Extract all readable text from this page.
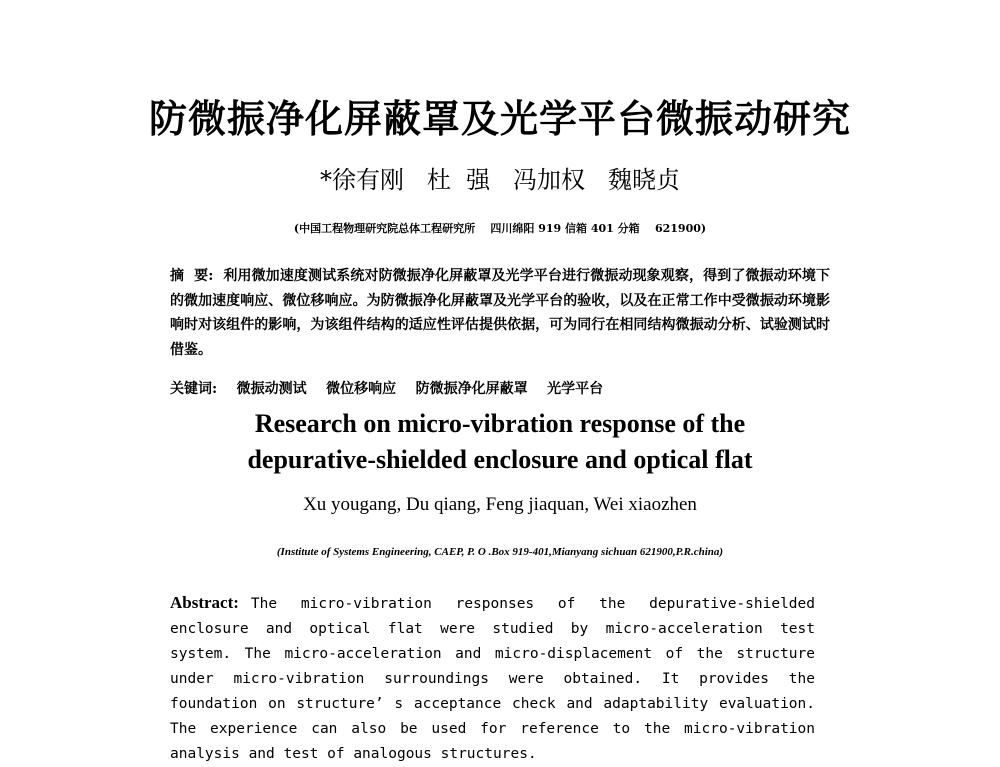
防微振净化屏蔽罩及光学平台微振动研究

*徐有刚   杜  强   冯加权   魏晓贞

(中国工程物理研究院总体工程研究所    四川绵阳 919 信箱 401 分箱    621900)

摘  要:  利用微加速度测试系统对防微振净化屏蔽罩及光学平台进行微振动现象观察，得到了微振动环境下的微加速度响应、微位移响应。为防微振净化屏蔽罩及光学平台的验收，以及在正常工作中受微振动环境影响时对该组件的影响，为该组件结构的适应性评估提供依据，可为同行在相同结构微振动分析、试验测试时借鉴。

关键词:    微振动测试    微位移响应    防微振净化屏蔽罩    光学平台

Research on micro-vibration response of the
depurative-shielded enclosure and optical flat

Xu yougang, Du qiang, Feng jiaquan, Wei xiaozhen

(Institute of Systems Engineering, CAEP, P. O .Box 919-401,Mianyang sichuan 621900,P.R.china)

Abstract: The micro-vibration responses of the depurative-shielded enclosure and optical flat were studied by micro-acceleration test system. The micro-acceleration and micro-displacement of the structure under micro-vibration surroundings were obtained. It provides the foundation on structure’ s acceptance check and adaptability evaluation. The experience can also be used for reference to the micro-vibration analysis and test of analogous structures.
